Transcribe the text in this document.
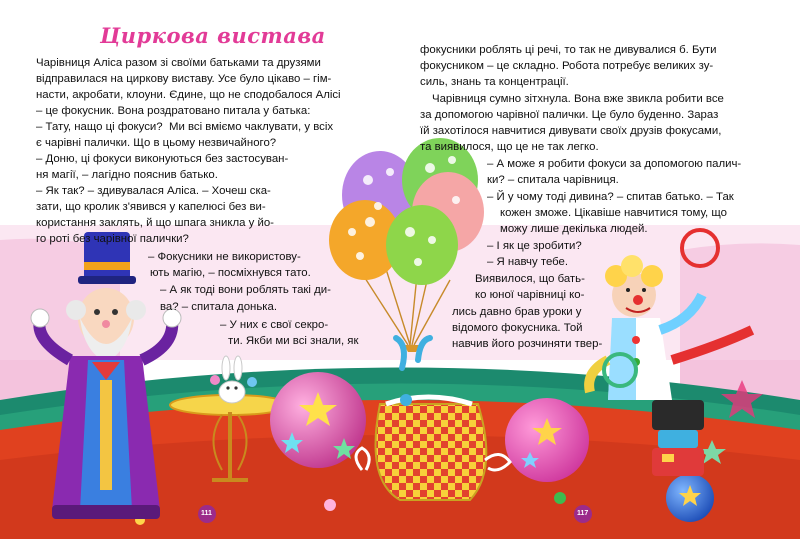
Циркова вистава
Чарівниця Аліса разом зі своїми батьками та друзями
відправилася на циркову виставу. Усе було цікаво – гім-
насти, акробати, клоуни. Єдине, що не сподобалося Алісі
– це фокусник. Вона роздратовано питала у батька:
– Тату, нащо ці фокуси?  Ми всі вміємо чаклувати, у всіх
є чарівні палички. Що в цьому незвичайного?
– Доню, ці фокуси виконуються без застосуван-
ня магії, – лагідно пояснив батько.
– Як так? – здивувалася Аліса. – Хочеш ска-
зати, що кролик з'явився у капелюсі без ви-
користання заклять, й що шпага зникла у йо-
го роті без чарівної палички?
– Фокусники не використову-
ють магію, – посміхнувся тато.
– А як тоді вони роблять такі ди-
ва? – спитала донька.
– У них є свої секро-
ти. Якби ми всі знали, як
фокусники роблять ці речі, то так не дивувалися б. Бути
фокусником – це складно. Робота потребує великих зу-
силь, знань та концентрації.
Чарівниця сумно зітхнула. Вона вже звикла робити все
за допомогою чарівної палички. Це було буденно. Зараз
їй захотілося навчитися дивувати своїх друзів фокусами,
та виявилося, що це не так легко.
– А може я робити фокуси за допомогою палич-
ки? – спитала чарівниця.
– Й у чому тоді дивина? – спитав батько. – Так
кожен зможе. Цікавіше навчитися тому, що
можу лише декілька людей.
– І як це зробити?
– Я навчу тебе.
Виявилося, що бать-
ко юної чарівниці ко-
лись давно брав уроки у
відомого фокусника. Той
навчив його розчиняти твер-
111	117
